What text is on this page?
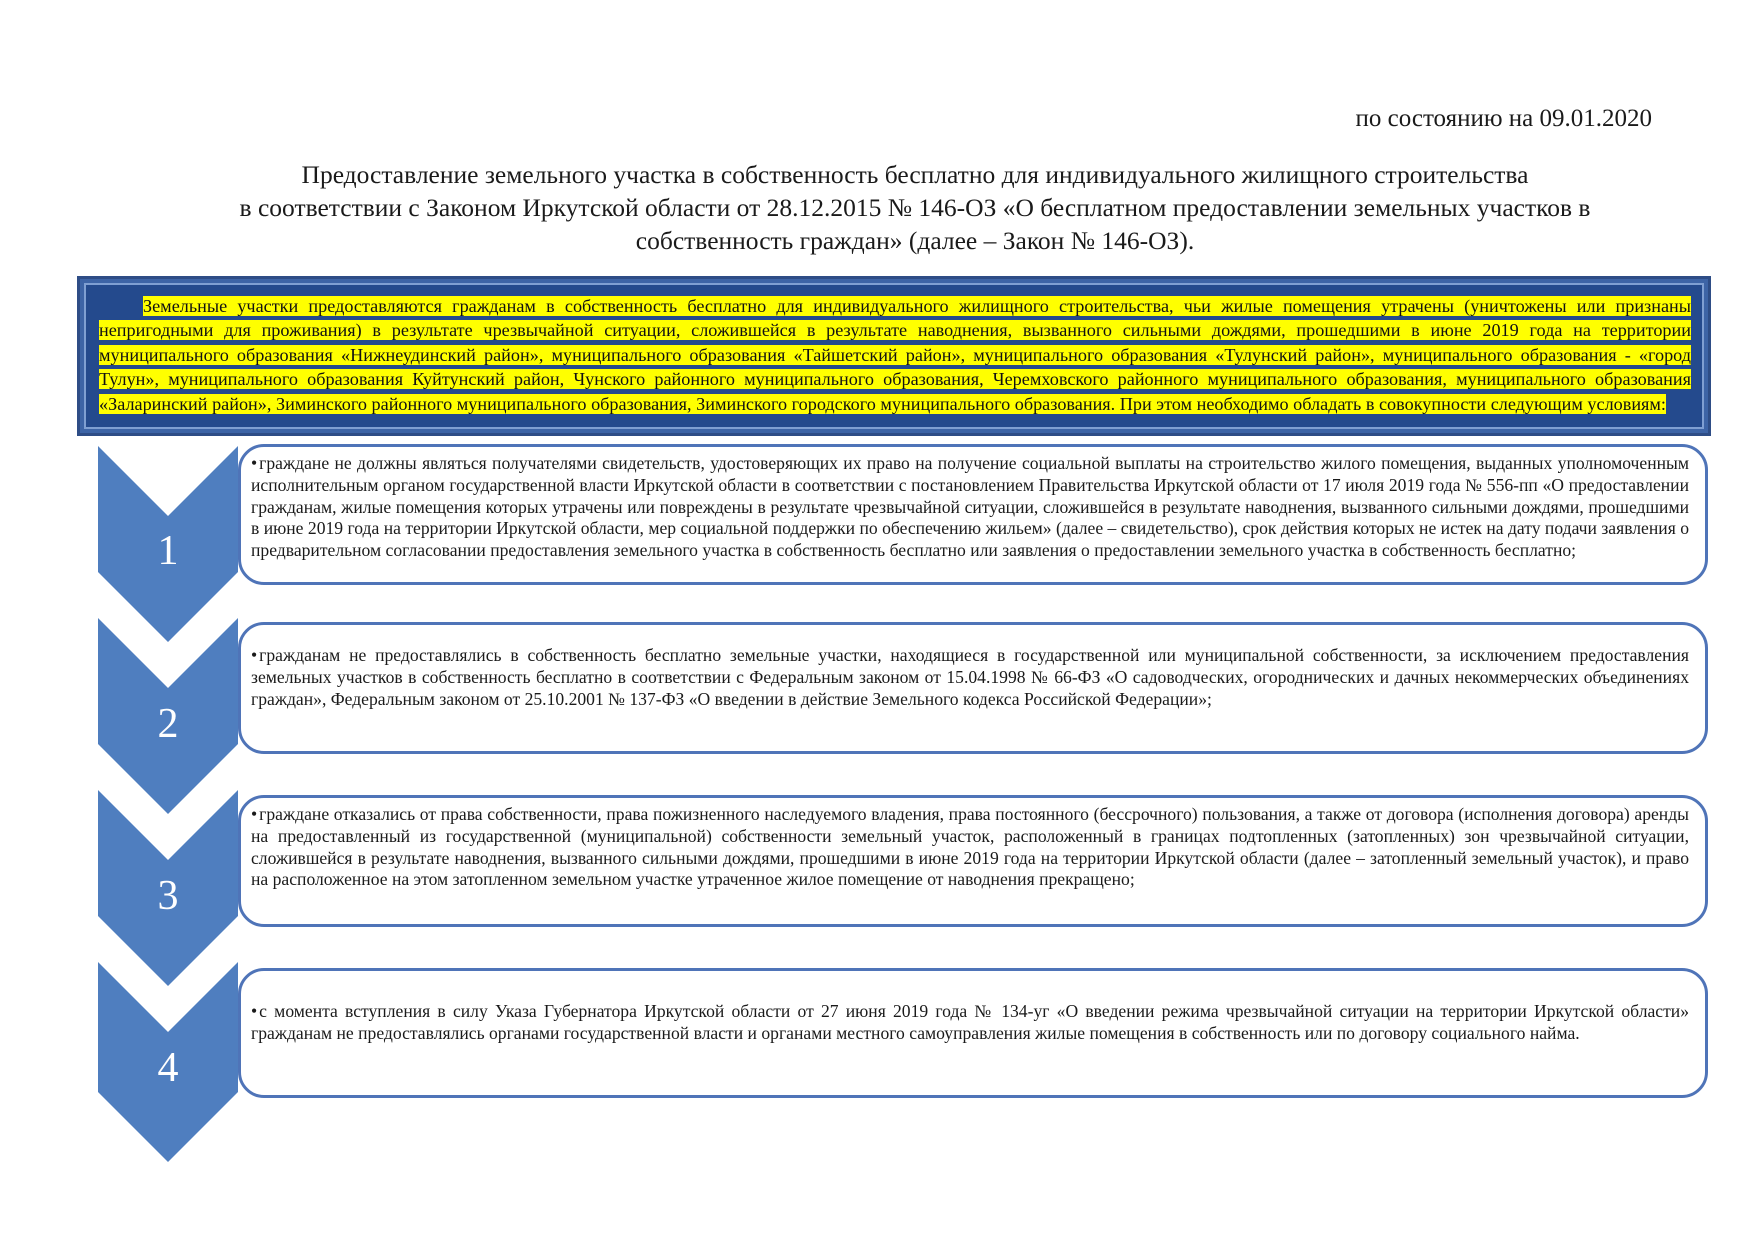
по состоянию на 09.01.2020
Предоставление земельного участка в собственность бесплатно для индивидуального жилищного строительства
в соответствии с Законом Иркутской области от 28.12.2015 № 146-ОЗ «О бесплатном предоставлении земельных участков в
собственность граждан» (далее – Закон № 146-ОЗ).

Земельные участки предоставляются гражданам в собственность бесплатно для индивидуального жилищного строительства, чьи жилые помещения утрачены (уничтожены или признаны непригодными для проживания) в результате чрезвычайной ситуации, сложившейся в результате наводнения, вызванного сильными дождями, прошедшими в июне 2019 года на территории муниципального образования «Нижнеудинский район», муниципального образования «Тайшетский район», муниципального образования «Тулунский район», муниципального образования - «город Тулун», муниципального образования Куйтунский район, Чунского районного муниципального образования, Черемховского районного муниципального образования, муниципального образования «Заларинский район», Зиминского районного муниципального образования, Зиминского городского муниципального образования. При этом необходимо обладать в совокупности следующим условиям:

1
2
3
4

• граждане не должны являться получателями свидетельств, удостоверяющих их право на получение социальной выплаты на строительство жилого помещения, выданных уполномоченным исполнительным органом государственной власти Иркутской области в соответствии с постановлением Правительства Иркутской области от 17 июля 2019 года № 556-пп «О предоставлении гражданам, жилые помещения которых утрачены или повреждены в результате чрезвычайной ситуации, сложившейся в результате наводнения, вызванного сильными дождями, прошедшими в июне 2019 года на территории Иркутской области, мер социальной поддержки по обеспечению жильем» (далее – свидетельство), срок действия которых не истек на дату подачи заявления о предварительном согласовании предоставления земельного участка в собственность бесплатно или заявления о предоставлении земельного участка в собственность бесплатно;

• гражданам не предоставлялись в собственность бесплатно земельные участки, находящиеся в государственной или муниципальной собственности, за исключением предоставления земельных участков в собственность бесплатно в соответствии с Федеральным законом от 15.04.1998 № 66-ФЗ «О садоводческих, огороднических и дачных некоммерческих объединениях граждан», Федеральным законом от 25.10.2001 № 137-ФЗ «О введении в действие Земельного кодекса Российской Федерации»;

• граждане отказались от права собственности, права пожизненного наследуемого владения, права постоянного (бессрочного) пользования, а также от договора (исполнения договора) аренды на предоставленный из государственной (муниципальной) собственности земельный участок, расположенный в границах подтопленных (затопленных) зон чрезвычайной ситуации, сложившейся в результате наводнения, вызванного сильными дождями, прошедшими в июне 2019 года на территории Иркутской области (далее – затопленный земельный участок), и право на расположенное на этом затопленном земельном участке утраченное жилое помещение от наводнения прекращено;

• с момента вступления в силу Указа Губернатора Иркутской области от 27 июня 2019 года № 134-уг «О введении режима чрезвычайной ситуации на территории Иркутской области» гражданам не предоставлялись органами государственной власти и органами местного самоуправления жилые помещения в собственность или по договору социального найма.
